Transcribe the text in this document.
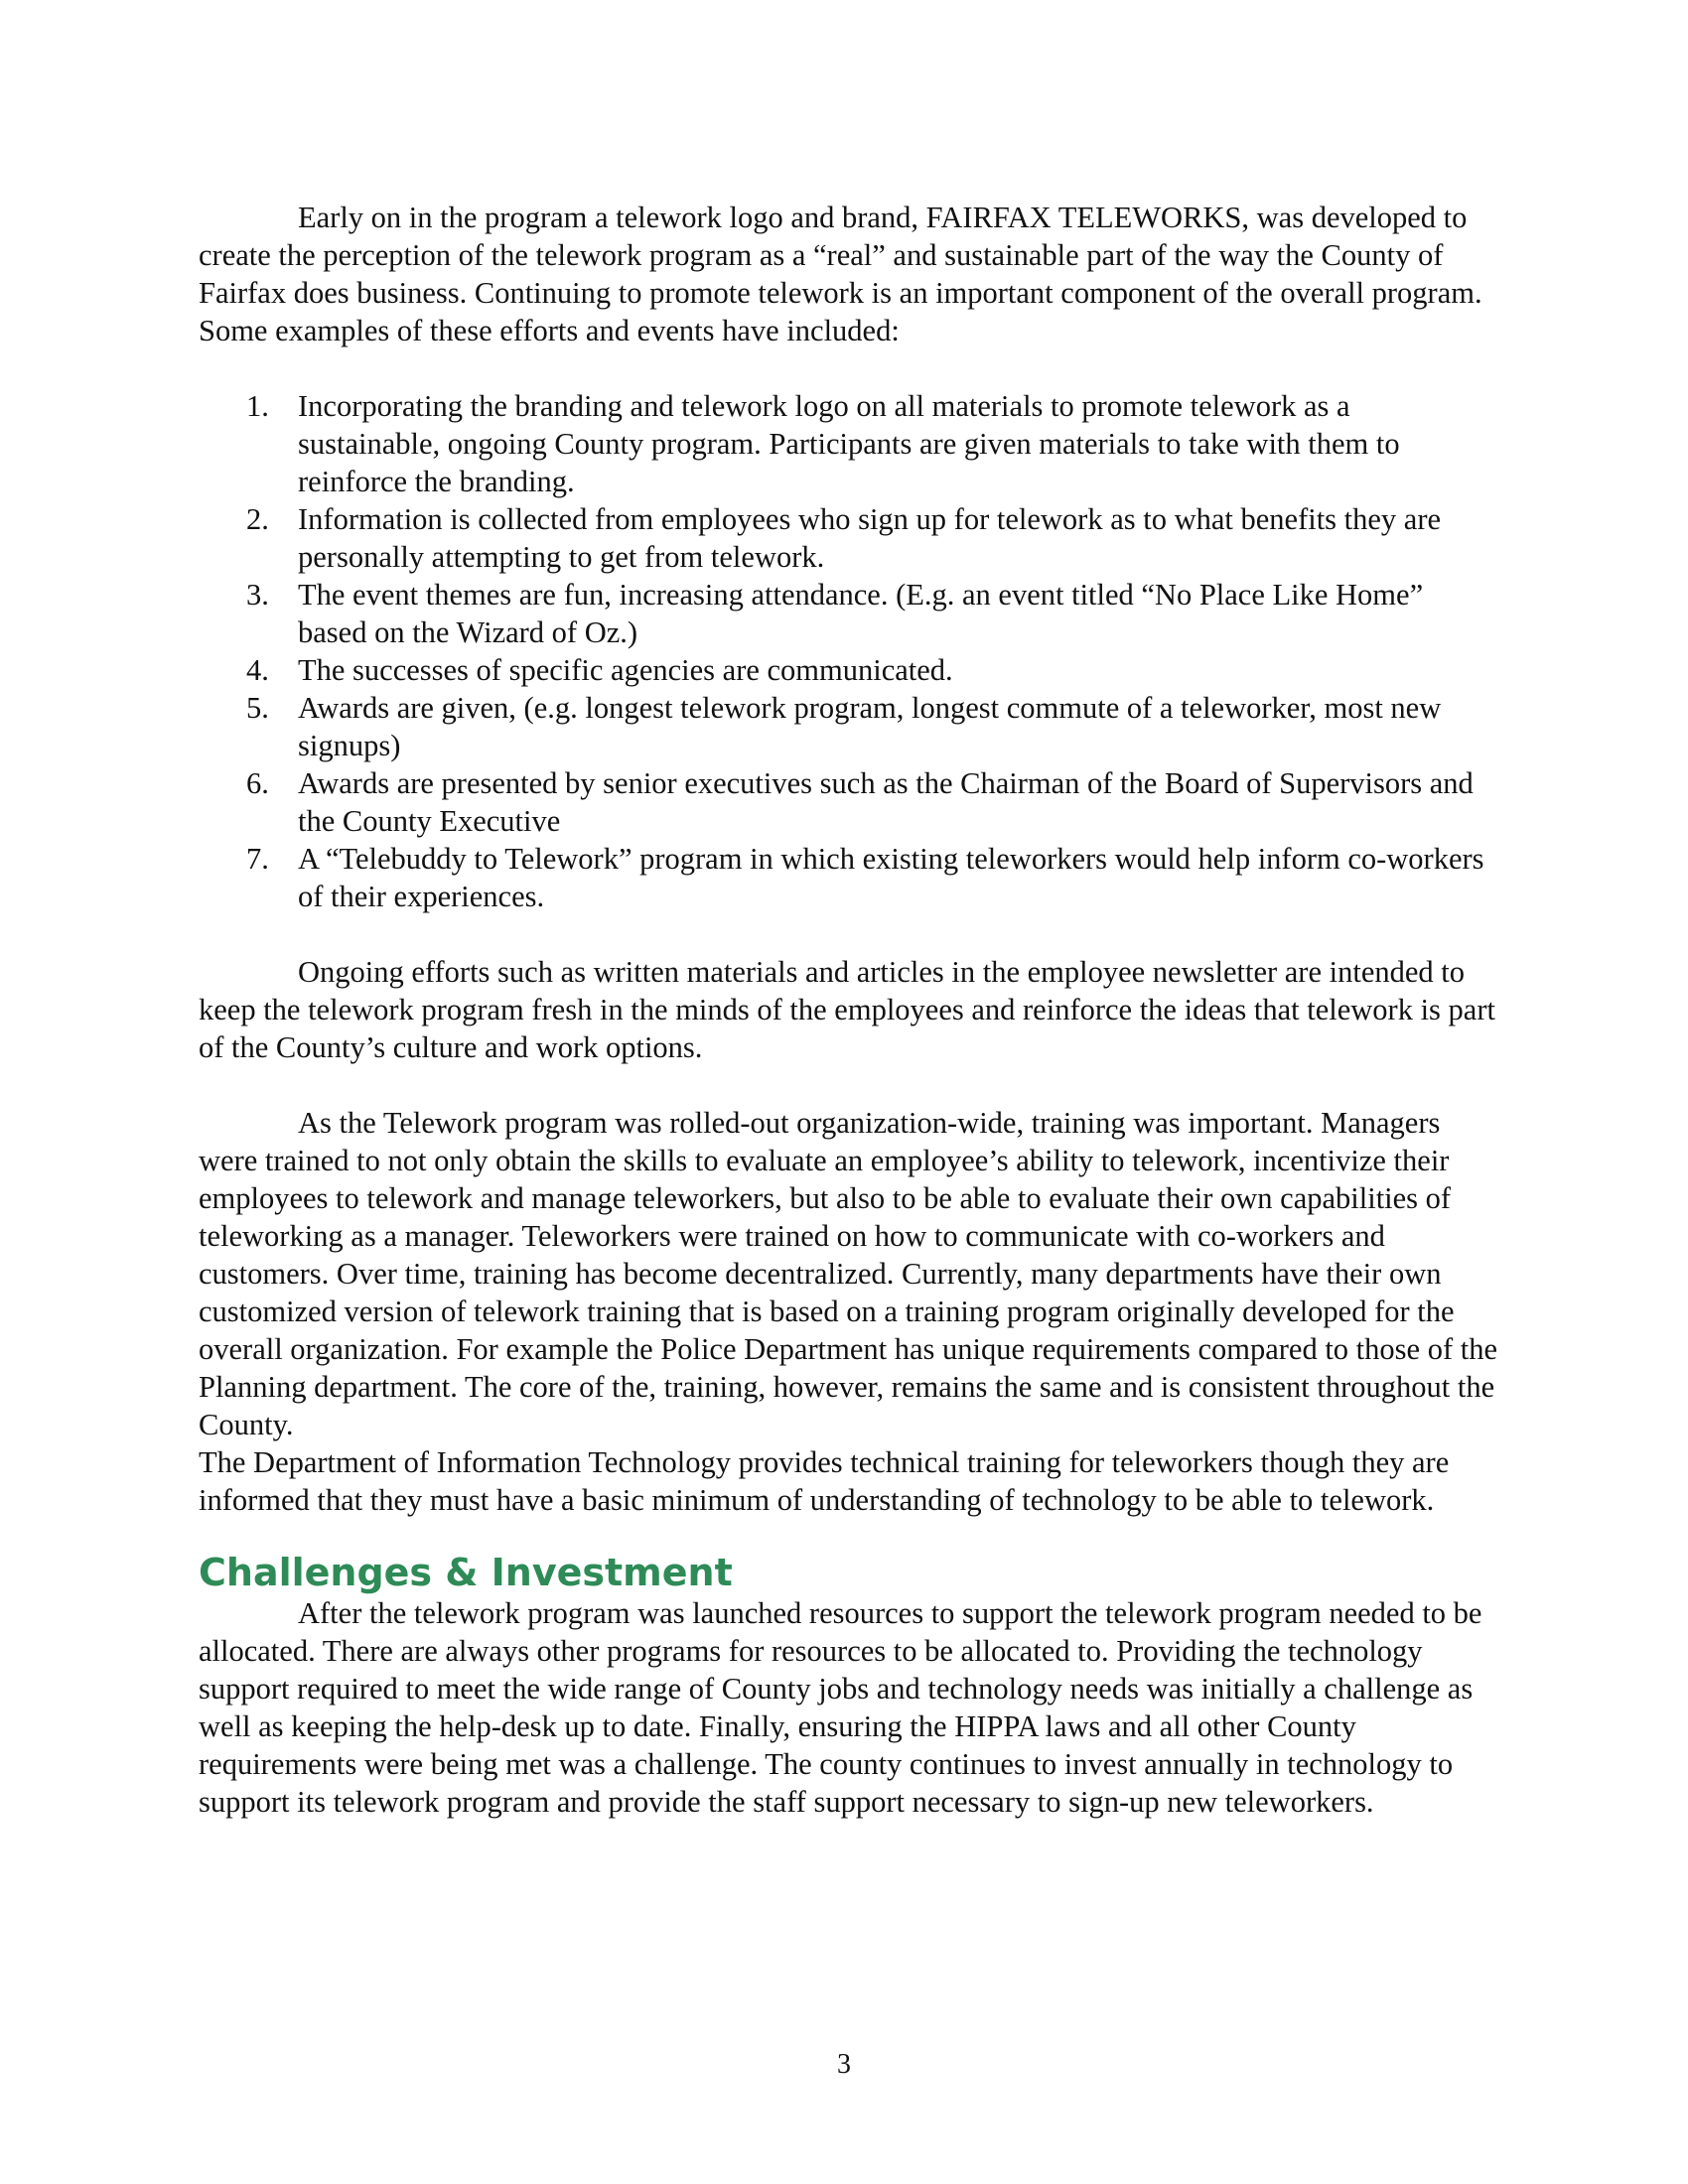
Early on in the program a telework logo and brand, FAIRFAX TELEWORKS, was developed to create the perception of the telework program as a “real” and sustainable part of the way the County of Fairfax does business. Continuing to promote telework is an important component of the overall program. Some examples of these efforts and events have included:

1. Incorporating the branding and telework logo on all materials to promote telework as a sustainable, ongoing County program. Participants are given materials to take with them to reinforce the branding.
2. Information is collected from employees who sign up for telework as to what benefits they are personally attempting to get from telework.
3. The event themes are fun, increasing attendance. (E.g. an event titled “No Place Like Home” based on the Wizard of Oz.)
4. The successes of specific agencies are communicated.
5. Awards are given, (e.g. longest telework program, longest commute of a teleworker, most new signups)
6. Awards are presented by senior executives such as the Chairman of the Board of Supervisors and the County Executive
7. A “Telebuddy to Telework” program in which existing teleworkers would help inform co-workers of their experiences.

Ongoing efforts such as written materials and articles in the employee newsletter are intended to keep the telework program fresh in the minds of the employees and reinforce the ideas that telework is part of the County’s culture and work options.

As the Telework program was rolled-out organization-wide, training was important. Managers were trained to not only obtain the skills to evaluate an employee’s ability to telework, incentivize their employees to telework and manage teleworkers, but also to be able to evaluate their own capabilities of teleworking as a manager. Teleworkers were trained on how to communicate with co-workers and customers. Over time, training has become decentralized. Currently, many departments have their own customized version of telework training that is based on a training program originally developed for the overall organization. For example the Police Department has unique requirements compared to those of the Planning department. The core of the, training, however, remains the same and is consistent throughout the County.

The Department of Information Technology provides technical training for teleworkers though they are informed that they must have a basic minimum of understanding of technology to be able to telework.

Challenges & Investment

After the telework program was launched resources to support the telework program needed to be allocated. There are always other programs for resources to be allocated to. Providing the technology support required to meet the wide range of County jobs and technology needs was initially a challenge as well as keeping the help-desk up to date. Finally, ensuring the HIPPA laws and all other County requirements were being met was a challenge. The county continues to invest annually in technology to support its telework program and provide the staff support necessary to sign-up new teleworkers.

3
